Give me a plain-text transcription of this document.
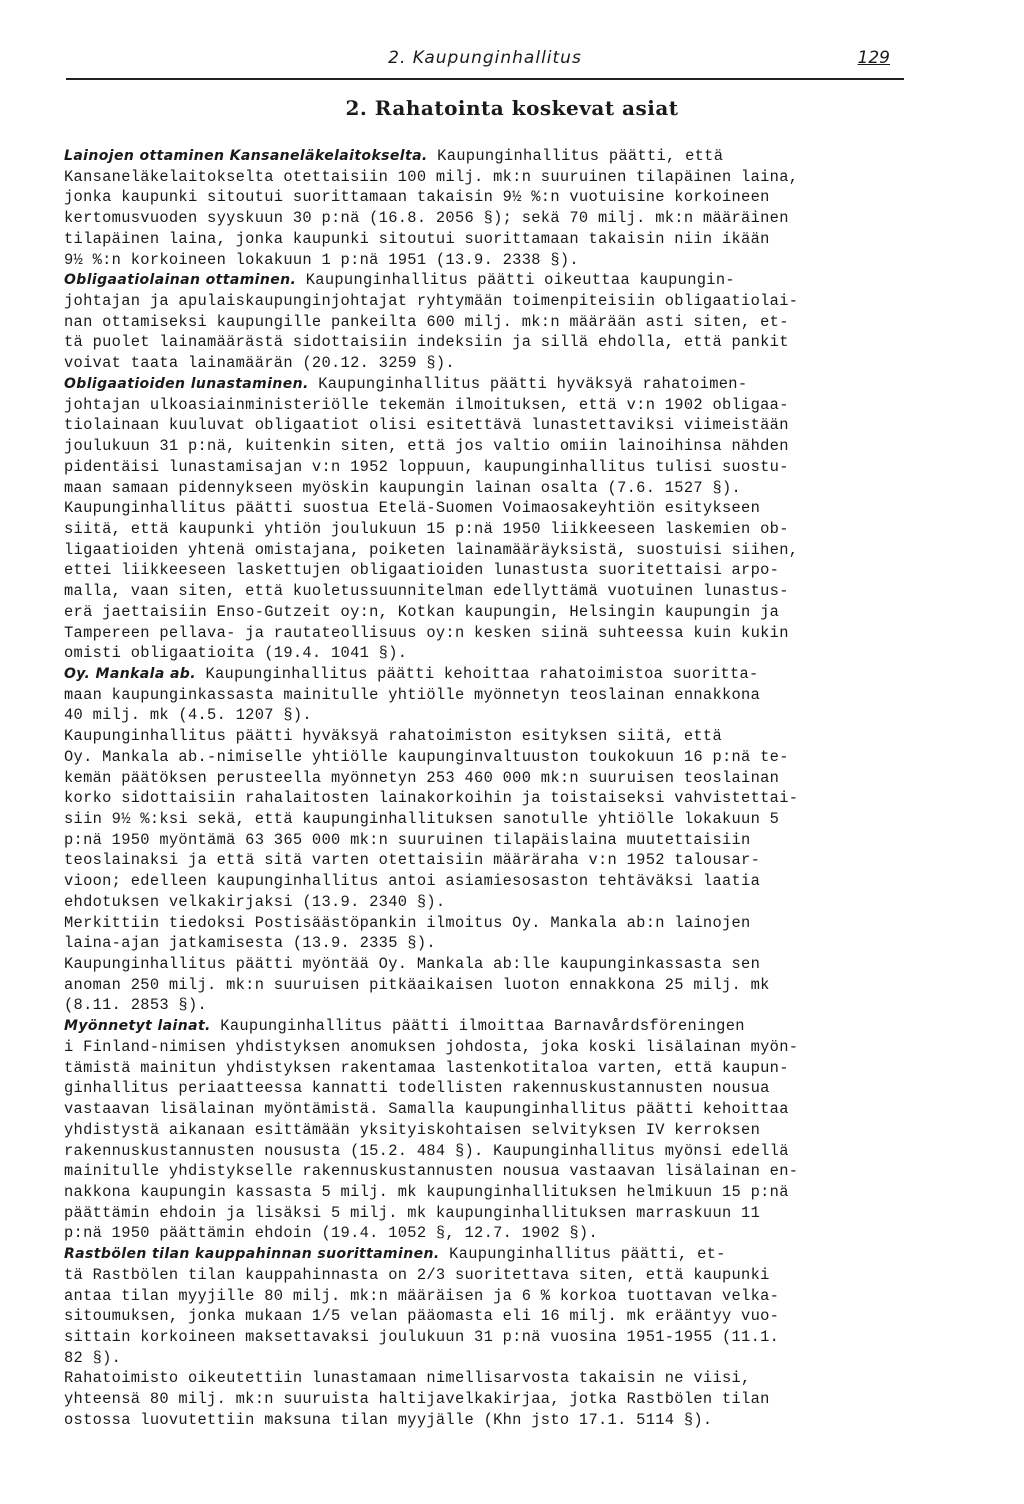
2. Kaupunginhallitus	129
2. Rahatointa koskevat asiat
Lainojen ottaminen Kansaneläkelaitokselta. Kaupunginhallitus päätti, että
Kansaneläkelaitokselta otettaisiin 100 milj. mk:n suuruinen tilapäinen laina,
jonka kaupunki sitoutui suorittamaan takaisin 9½ %:n vuotuisine korkoineen
kertomusvuoden syyskuun 30 p:nä (16.8. 2056 §); sekä 70 milj. mk:n määräinen
tilapäinen laina, jonka kaupunki sitoutui suorittamaan takaisin niin ikään
9½ %:n korkoineen lokakuun 1 p:nä 1951 (13.9. 2338 §).
Obligaatiolainan ottaminen. Kaupunginhallitus päätti oikeuttaa kaupungin-
johtajan ja apulaiskaupunginjohtajat ryhtymään toimenpiteisiin obligaatiolai-
nan ottamiseksi kaupungille pankeilta 600 milj. mk:n määrään asti siten, et-
tä puolet lainamäärästä sidottaisiin indeksiin ja sillä ehdolla, että pankit
voivat taata lainamäärän (20.12. 3259 §).
Obligaatioiden lunastaminen. Kaupunginhallitus päätti hyväksyä rahatoimen-
johtajan ulkoasiainministeriölle tekemän ilmoituksen, että v:n 1902 obligaa-
tiolainaan kuuluvat obligaatiot olisi esitettävä lunastettaviksi viimeistään
joulukuun 31 p:nä, kuitenkin siten, että jos valtio omiin lainoihinsa nähden
pidentäisi lunastamisajan v:n 1952 loppuun, kaupunginhallitus tulisi suostu-
maan samaan pidennykseen myöskin kaupungin lainan osalta (7.6. 1527 §).
Kaupunginhallitus päätti suostua Etelä-Suomen Voimaosakeyhtiön esitykseen
siitä, että kaupunki yhtiön joulukuun 15 p:nä 1950 liikkeeseen laskemien ob-
ligaatioiden yhtenä omistajana, poiketen lainamääräyksistä, suostuisi siihen,
ettei liikkeeseen laskettujen obligaatioiden lunastusta suoritettaisi arpo-
malla, vaan siten, että kuoletussuunnitelman edellyttämä vuotuinen lunastus-
erä jaettaisiin Enso-Gutzeit oy:n, Kotkan kaupungin, Helsingin kaupungin ja
Tampereen pellava- ja rautateollisuus oy:n kesken siinä suhteessa kuin kukin
omisti obligaatioita (19.4. 1041 §).
Oy. Mankala ab. Kaupunginhallitus päätti kehoittaa rahatoimistoa suoritta-
maan kaupunginkassasta mainitulle yhtiölle myönnetyn teoslainan ennakkona
40 milj. mk (4.5. 1207 §).
Kaupunginhallitus päätti hyväksyä rahatoimiston esityksen siitä, että
Oy. Mankala ab.-nimiselle yhtiölle kaupunginvaltuuston toukokuun 16 p:nä te-
kemän päätöksen perusteella myönnetyn 253 460 000 mk:n suuruisen teoslainan
korko sidottaisiin rahalaitosten lainakorkoihin ja toistaiseksi vahvistettai-
siin 9½ %:ksi sekä, että kaupunginhallituksen sanotulle yhtiölle lokakuun 5
p:nä 1950 myöntämä 63 365 000 mk:n suuruinen tilapäislaina muutettaisiin
teoslainaksi ja että sitä varten otettaisiin määräraha v:n 1952 talousar-
vioon; edelleen kaupunginhallitus antoi asiamiesosaston tehtäväksi laatia
ehdotuksen velkakirjaksi (13.9. 2340 §).
Merkittiin tiedoksi Postisäästöpankin ilmoitus Oy. Mankala ab:n lainojen
laina-ajan jatkamisesta (13.9. 2335 §).
Kaupunginhallitus päätti myöntää Oy. Mankala ab:lle kaupunginkassasta sen
anoman 250 milj. mk:n suuruisen pitkäaikaisen luoton ennakkona 25 milj. mk
(8.11. 2853 §).
Myönnetyt lainat. Kaupunginhallitus päätti ilmoittaa Barnavårdsföreningen
i Finland-nimisen yhdistyksen anomuksen johdosta, joka koski lisälainan myön-
tämistä mainitun yhdistyksen rakentamaa lastenkotitaloa varten, että kaupun-
ginhallitus periaatteessa kannatti todellisten rakennuskustannusten nousua
vastaavan lisälainan myöntämistä. Samalla kaupunginhallitus päätti kehoittaa
yhdistystä aikanaan esittämään yksityiskohtaisen selvityksen IV kerroksen
rakennuskustannusten noususta (15.2. 484 §). Kaupunginhallitus myönsi edellä
mainitulle yhdistykselle rakennuskustannusten nousua vastaavan lisälainan en-
nakkona kaupungin kassasta 5 milj. mk kaupunginhallituksen helmikuun 15 p:nä
päättämin ehdoin ja lisäksi 5 milj. mk kaupunginhallituksen marraskuun 11
p:nä 1950 päättämin ehdoin (19.4. 1052 §, 12.7. 1902 §).
Rastbölen tilan kauppahinnan suorittaminen. Kaupunginhallitus päätti, et-
tä Rastbölen tilan kauppahinnasta on 2/3 suoritettava siten, että kaupunki
antaa tilan myyjille 80 milj. mk:n määräisen ja 6 % korkoa tuottavan velka-
sitoumuksen, jonka mukaan 1/5 velan pääomasta eli 16 milj. mk erääntyy vuo-
sittain korkoineen maksettavaksi joulukuun 31 p:nä vuosina 1951-1955 (11.1.
82 §).
Rahatoimisto oikeutettiin lunastamaan nimellisarvosta takaisin ne viisi,
yhteensä 80 milj. mk:n suuruista haltijavelkakirjaa, jotka Rastbölen tilan
ostossa luovutettiin maksuna tilan myyjälle (Khn jsto 17.1. 5114 §).
